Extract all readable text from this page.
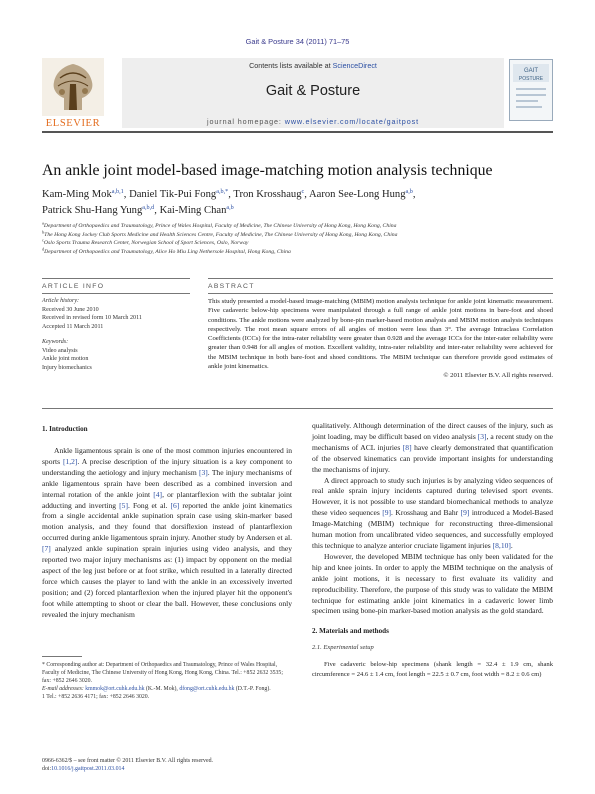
Gait & Posture 34 (2011) 71–75
ELSEVIER
Contents lists available at ScienceDirect
Gait & Posture
journal homepage: www.elsevier.com/locate/gaitpost
GAIT
POSTURE
An ankle joint model-based image-matching motion analysis technique
Kam-Ming Mok$^{a,b,1}$, Daniel Tik-Pui Fong$^{a,b,*}$, Tron Krosshaug$^c$, Aaron See-Long Hung$^{a,b}$,
Patrick Shu-Hang Yung$^{a,b,d}$, Kai-Ming Chan$^{a,b}$
$^a$Department of Orthopaedics and Traumatology, Prince of Wales Hospital, Faculty of Medicine, The Chinese University of Hong Kong, Hong Kong, China
$^b$The Hong Kong Jockey Club Sports Medicine and Health Sciences Centre, Faculty of Medicine, The Chinese University of Hong Kong, Hong Kong, China
$^c$Oslo Sports Trauma Research Center, Norwegian School of Sport Sciences, Oslo, Norway
$^d$Department of Orthopaedics and Traumatology, Alice Ho Miu Ling Nethersole Hospital, Hong Kong, China
ARTICLE INFO	ABSTRACT
Article history:
Received 30 June 2010
Received in revised form 10 March 2011
Accepted 11 March 2011
Keywords:
Video analysis
Ankle joint motion
Injury biomechanics
This study presented a model-based image-matching (MBIM) motion analysis technique for ankle joint kinematic measurement. Five cadaveric below-hip specimens were manipulated through a full range of ankle joint motions in bare-foot and shoed conditions. The ankle motions were analyzed by bone-pin marker-based motion analysis and MBIM motion analysis techniques respectively. The root mean square errors of all angles of motion were less than 3°. The average Intraclass Correlation Coefficients (ICCs) for the intra-rater reliability were greater than 0.928 and the average ICCs for the inter-rater reliability were greater than 0.948 for all angles of motion. Excellent validity, intra-rater reliability and inter-rater reliability were achieved for the MBIM technique in both bare-foot and shoed conditions. The MBIM technique can therefore provide good estimates of ankle joint kinematics.
© 2011 Elsevier B.V. All rights reserved.
1. Introduction

Ankle ligamentous sprain is one of the most common injuries encountered in sports [1,2]. A precise description of the injury situation is a key component to understanding the aetiology and injury mechanism [3]. The injury mechanisms of ankle ligamentous sprain have been described as a combined inversion and internal rotation of the ankle joint [4], or plantarflexion with the subtalar joint adducting and inverting [5]. Fong et al. [6] reported the ankle joint kinematics from a single accidental ankle supination sprain case using skin-marker based motion analysis, and they found that dorsiflexion instead of plantarflexion occurred during ankle ligamentous sprain injury. Another study by Andersen et al. [7] analyzed ankle supination sprain injuries using video analysis, and they reported two major injury mechanisms as: (1) impact by opponent on the medial aspect of the leg just before or at foot strike, which resulted in a laterally directed force which causes the player to land with the ankle in an excessively inverted position; and (2) forced plantarflexion when the injured player hit the opponent's foot while attempting to shoot or clear the ball. However, these conclusions only revealed the injury mechanism

qualitatively. Although determination of the direct causes of the injury, such as joint loading, may be difficult based on video analysis [3], a recent study on the mechanisms of ACL injuries [8] have clearly demonstrated that quantification of the observed kinematics can provide important insights for understanding the mechanisms of injury.

A direct approach to study such injuries is by analyzing video sequences of real ankle sprain injury incidents captured during televised sport events. However, it is not possible to use standard biomechanical methods to analyze these video sequences [9]. Krosshaug and Bahr [9] introduced a Model-Based Image-Matching (MBIM) technique for reconstructing three-dimensional human motion from uncalibrated video sequences, and successfully employed this technique to analyze anterior cruciate ligament injuries [8,10].

However, the developed MBIM technique has only been validated for the hip and knee joints. In order to apply the MBIM technique on the analysis of ankle joint motions, it is necessary to first evaluate its validity and reproducibility. Therefore, the purpose of this study was to validate the MBIM technique for estimating ankle joint kinematics in a cadaveric lower limb specimen using bone-pin marker-based motion analysis as the gold standard.

2. Materials and methods
2.1. Experimental setup

Five cadaveric below-hip specimens (shank length = 32.4 ± 1.9 cm, shank circumference = 24.6 ± 1.4 cm, foot length = 22.5 ± 0.7 cm, foot width = 8.2 ± 0.6 cm)

* Corresponding author at: Department of Orthopaedics and Traumatology, Prince of Wales Hospital, Faculty of Medicine, The Chinese University of Hong Kong, Hong Kong, China. Tel.: +852 2632 3535; fax: +852 2646 3020.
E-mail addresses: kmmok@ort.cuhk.edu.hk (K.-M. Mok), dfong@ort.cuhk.edu.hk (D.T.-P. Fong).
1 Tel.: +852 2636 4171; fax: +852 2646 3020.
0966-6362/$ – see front matter © 2011 Elsevier B.V. All rights reserved.
doi:10.1016/j.gaitpost.2011.03.014
